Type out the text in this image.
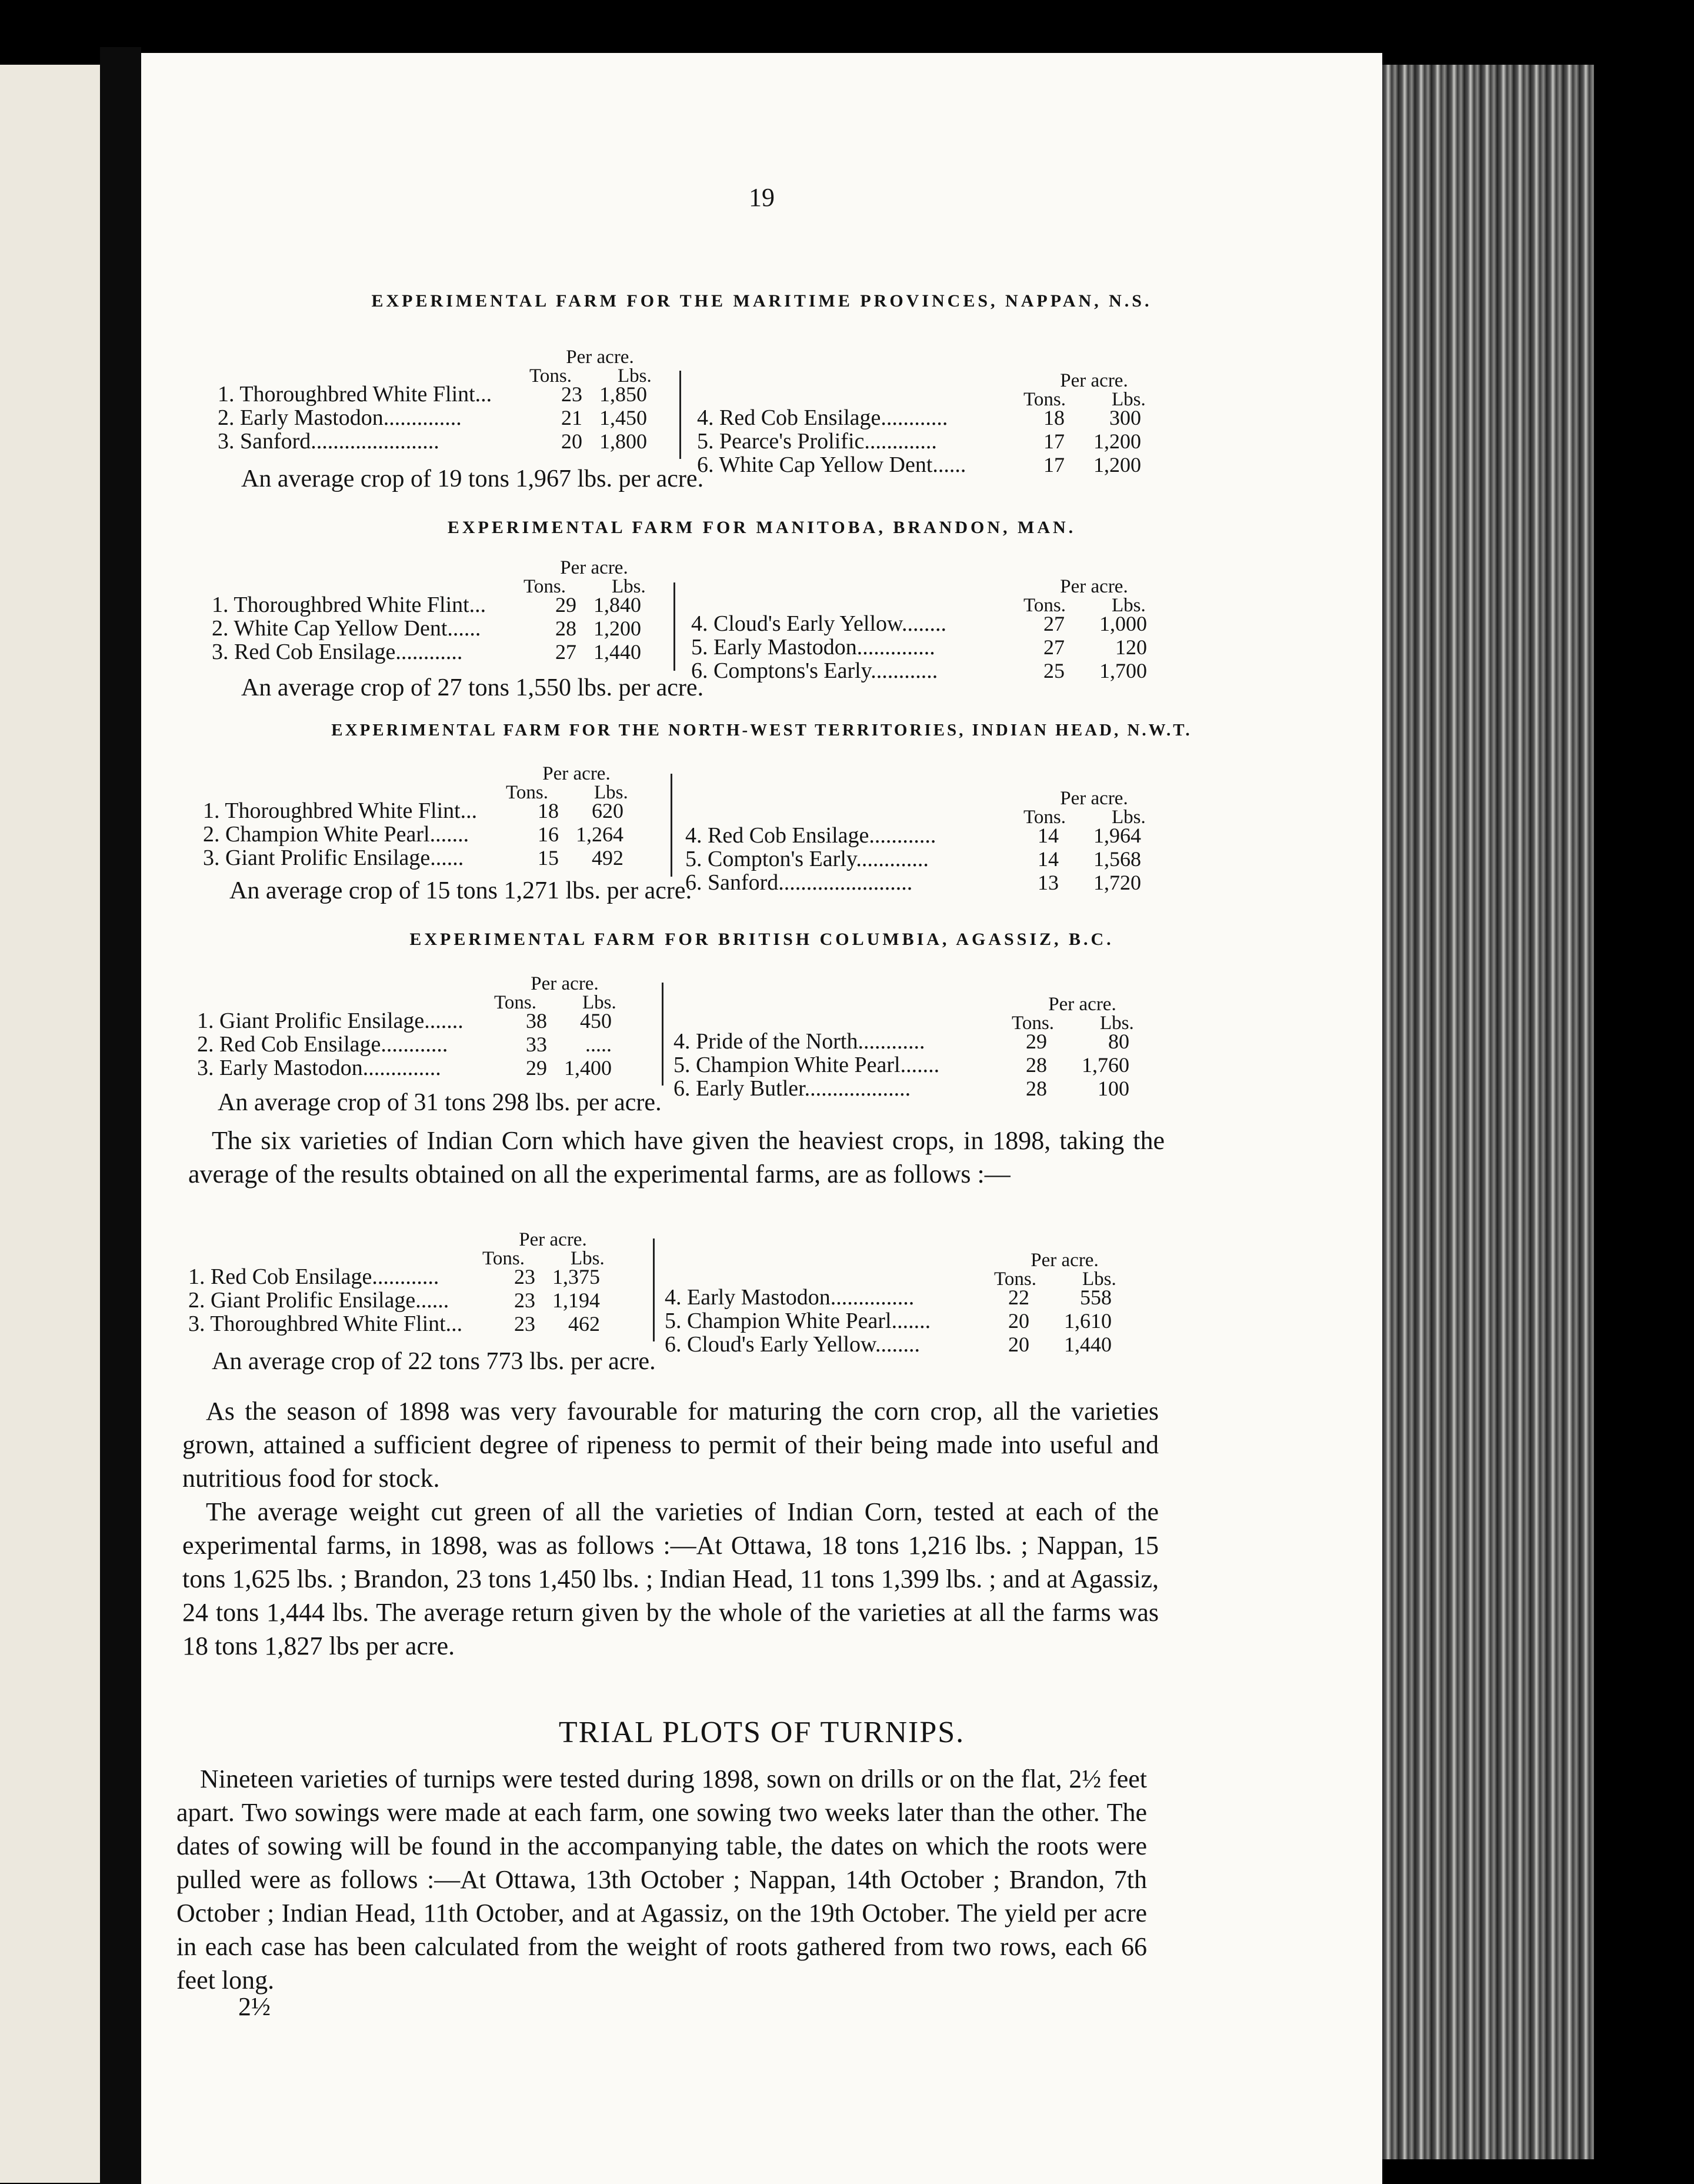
19
EXPERIMENTAL FARM FOR THE MARITIME PROVINCES, NAPPAN, N.S.
Per acre.
Tons. Lbs.
1. Thoroughbred White Flint...	23 1,850
2. Early Mastodon..............	21 1,450
3. Sanford.......................	20 1,800
Per acre.
Tons. Lbs.
4. Red Cob Ensilage............	18	300
5. Pearce's Prolific.............	17	1,200
6. White Cap Yellow Dent......	17	1,200
An average crop of 19 tons 1,967 lbs. per acre.
EXPERIMENTAL FARM FOR MANITOBA, BRANDON, MAN.
Per acre.
Tons. Lbs.
1. Thoroughbred White Flint...	29 1,840
2. White Cap Yellow Dent......	28 1,200
3. Red Cob Ensilage............	27 1,440
Per acre.
Tons. Lbs.
4. Cloud's Early Yellow........	27	1,000
5. Early Mastodon..............	27	120
6. Comptons's Early............	25	1,700
An average crop of 27 tons 1,550 lbs. per acre.
EXPERIMENTAL FARM FOR THE NORTH-WEST TERRITORIES, INDIAN HEAD, N.W.T.
Per acre.
Tons. Lbs.
1. Thoroughbred White Flint...	18	620
2. Champion White Pearl.......	16 1,264
3. Giant Prolific Ensilage......	15	492
Per acre.
Tons. Lbs.
4. Red Cob Ensilage............	14	1,964
5. Compton's Early.............	14	1,568
6. Sanford........................	13	1,720
An average crop of 15 tons 1,271 lbs. per acre.
EXPERIMENTAL FARM FOR BRITISH COLUMBIA, AGASSIZ, B.C.
Per acre.
Tons. Lbs.
1. Giant Prolific Ensilage.......	38	450
2. Red Cob Ensilage............	33	.....
3. Early Mastodon..............	29 1,400
Per acre.
Tons. Lbs.
4. Pride of the North............	29	80
5. Champion White Pearl.......	28	1,760
6. Early Butler...................	28	100
An average crop of 31 tons 298 lbs. per acre.

The six varieties of Indian Corn which have given the heaviest crops, in 1898, taking the average of the results obtained on all the experimental farms, are as follows :—

Per acre.
Tons. Lbs.
1. Red Cob Ensilage............	23 1,375
2. Giant Prolific Ensilage......	23 1,194
3. Thoroughbred White Flint...	23	462
Per acre.
Tons. Lbs.
4. Early Mastodon...............	22	558
5. Champion White Pearl.......	20	1,610
6. Cloud's Early Yellow........	20	1,440
An average crop of 22 tons 773 lbs. per acre.

As the season of 1898 was very favourable for maturing the corn crop, all the varieties grown, attained a sufficient degree of ripeness to permit of their being made into useful and nutritious food for stock.

The average weight cut green of all the varieties of Indian Corn, tested at each of the experimental farms, in 1898, was as follows :—At Ottawa, 18 tons 1,216 lbs. ; Nappan, 15 tons 1,625 lbs. ; Brandon, 23 tons 1,450 lbs. ; Indian Head, 11 tons 1,399 lbs. ; and at Agassiz, 24 tons 1,444 lbs. The average return given by the whole of the varieties at all the farms was 18 tons 1,827 lbs per acre.

TRIAL PLOTS OF TURNIPS.

Nineteen varieties of turnips were tested during 1898, sown on drills or on the flat, 2½ feet apart. Two sowings were made at each farm, one sowing two weeks later than the other. The dates of sowing will be found in the accompanying table, the dates on which the roots were pulled were as follows :—At Ottawa, 13th October ; Nappan, 14th October ; Brandon, 7th October ; Indian Head, 11th October, and at Agassiz, on the 19th October. The yield per acre in each case has been calculated from the weight of roots gathered from two rows, each 66 feet long.

2½
